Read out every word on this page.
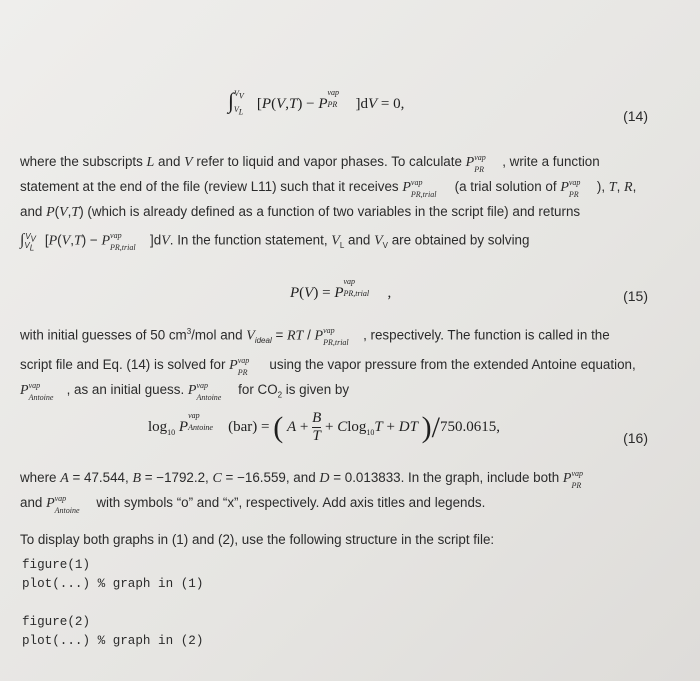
∫$^{V_V}_{V_L}$ [P(V,T) − P
vap
PR ]dV = 0,
(14)

where the subscripts L and V refer to liquid and vapor phases. To calculate P vap
PR
, write a function

statement at the end of the file (review L11) such that it receives P vap
PR,trial
(a trial solution of P vap
PR
), T, R,

and P(V,T) (which is already defined as a function of two variables in the script file) and returns

$\int_{V_L}^{V_V}$ [P(V,T) − P vap
PR,trial
]dV. In the function statement, $V_L$ and $V_V$ are obtained by solving

P(V) = P
vap
PR,trial ,	(15)

with initial guesses of 50 $cm^3$/mol and $V_{ideal}$ = RT / P vap
PR,trial
, respectively. The function is called in the

script file and Eq. (14) is solved for P vap
PR
using the vapor pressure from the extended Antoine equation,

P vap
Antoine
, as an initial guess. P vap
Antoine
for $CO_2$ is given by

$\log_{10} P$
vap
Antoine (bar) = ( $A + \frac{B}{T} + Clog_{10}T$ + DT )/750.0615,
(16)

where A = 47.544, B = −1792.2, C = −16.559, and D = 0.013833. In the graph, include both P vap
PR

and P vap
Antoine
with symbols “o” and “x”, respectively. Add axis titles and legends.

To display both graphs in (1) and (2), use the following structure in the script file:

figure(1)
plot(...) % graph in (1)

figure(2)
plot(...) % graph in (2)
